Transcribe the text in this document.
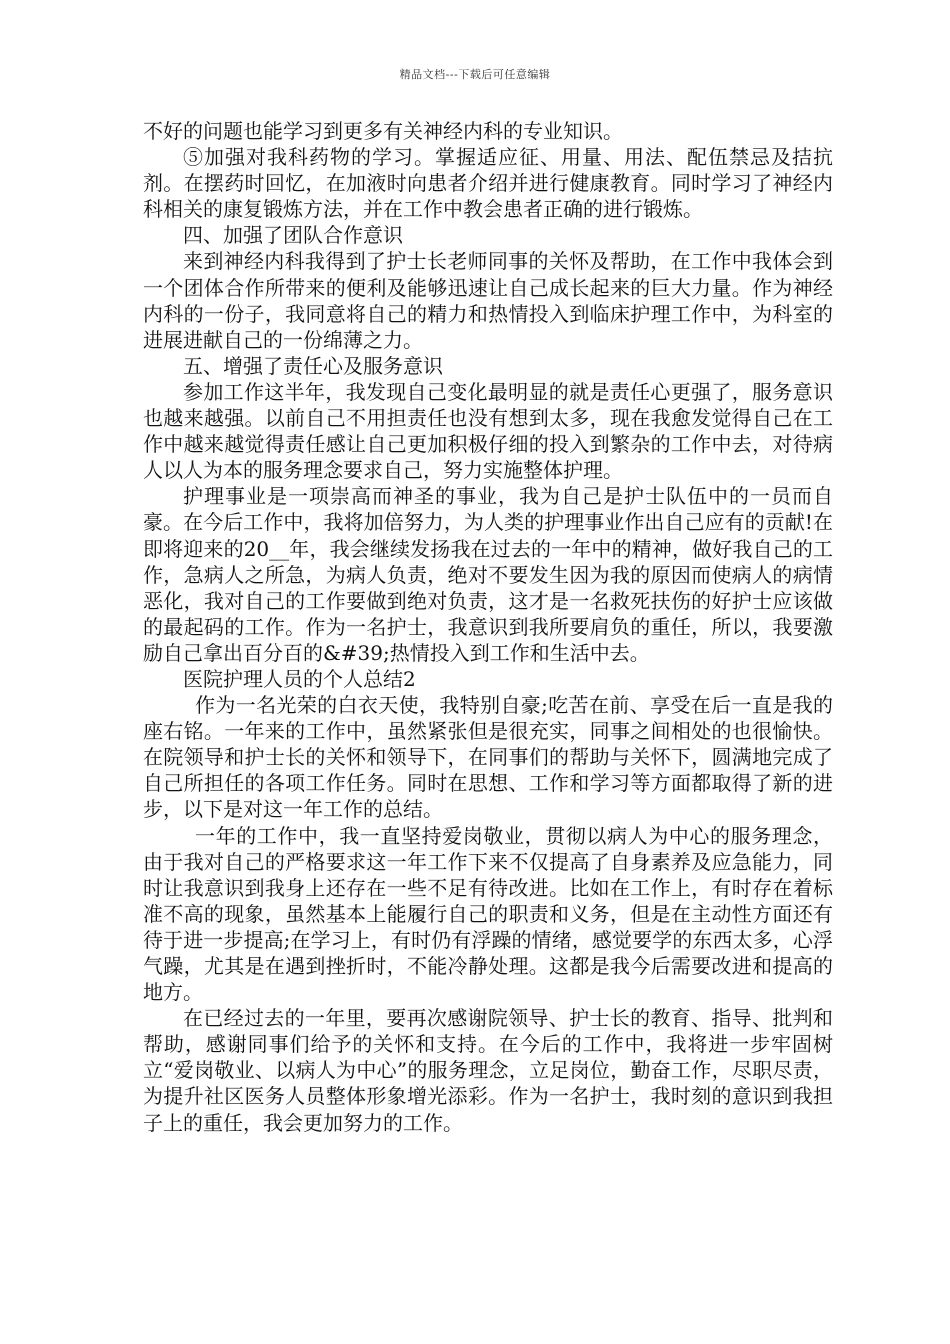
精品文档---下载后可任意编辑

不好的问题也能学习到更多有关神经内科的专业知识。

⑤加强对我科药物的学习。掌握适应征、用量、用法、配伍禁忌及拮抗剂。在摆药时回忆，在加液时向患者介绍并进行健康教育。同时学习了神经内科相关的康复锻炼方法，并在工作中教会患者正确的进行锻炼。

四、加强了团队合作意识

来到神经内科我得到了护士长老师同事的关怀及帮助，在工作中我体会到一个团体合作所带来的便利及能够迅速让自己成长起来的巨大力量。作为神经内科的一份子，我同意将自己的精力和热情投入到临床护理工作中，为科室的进展进献自己的一份绵薄之力。

五、增强了责任心及服务意识

参加工作这半年，我发现自己变化最明显的就是责任心更强了，服务意识也越来越强。以前自己不用担责任也没有想到太多，现在我愈发觉得自己在工作中越来越觉得责任感让自己更加积极仔细的投入到繁杂的工作中去，对待病人以人为本的服务理念要求自己，努力实施整体护理。

护理事业是一项崇高而神圣的事业，我为自己是护士队伍中的一员而自豪。在今后工作中，我将加倍努力，为人类的护理事业作出自己应有的贡献!在即将迎来的20__年，我会继续发扬我在过去的一年中的精神，做好我自己的工作，急病人之所急，为病人负责，绝对不要发生因为我的原因而使病人的病情恶化，我对自己的工作要做到绝对负责，这才是一名救死扶伤的好护士应该做的最起码的工作。作为一名护士，我意识到我所要肩负的重任，所以，我要激励自己拿出百分百的&#39;热情投入到工作和生活中去。

医院护理人员的个人总结2

作为一名光荣的白衣天使，我特别自豪;吃苦在前、享受在后一直是我的座右铭。一年来的工作中，虽然紧张但是很充实，同事之间相处的也很愉快。在院领导和护士长的关怀和领导下，在同事们的帮助与关怀下，圆满地完成了自己所担任的各项工作任务。同时在思想、工作和学习等方面都取得了新的进步，以下是对这一年工作的总结。

一年的工作中，我一直坚持爱岗敬业，贯彻以病人为中心的服务理念，由于我对自己的严格要求这一年工作下来不仅提高了自身素养及应急能力，同时让我意识到我身上还存在一些不足有待改进。比如在工作上，有时存在着标准不高的现象，虽然基本上能履行自己的职责和义务，但是在主动性方面还有待于进一步提高;在学习上，有时仍有浮躁的情绪，感觉要学的东西太多，心浮气躁，尤其是在遇到挫折时，不能冷静处理。这都是我今后需要改进和提高的地方。

在已经过去的一年里，要再次感谢院领导、护士长的教育、指导、批判和帮助，感谢同事们给予的关怀和支持。在今后的工作中，我将进一步牢固树立“爱岗敬业、以病人为中心”的服务理念，立足岗位，勤奋工作，尽职尽责，为提升社区医务人员整体形象增光添彩。作为一名护士，我时刻的意识到我担子上的重任，我会更加努力的工作。
